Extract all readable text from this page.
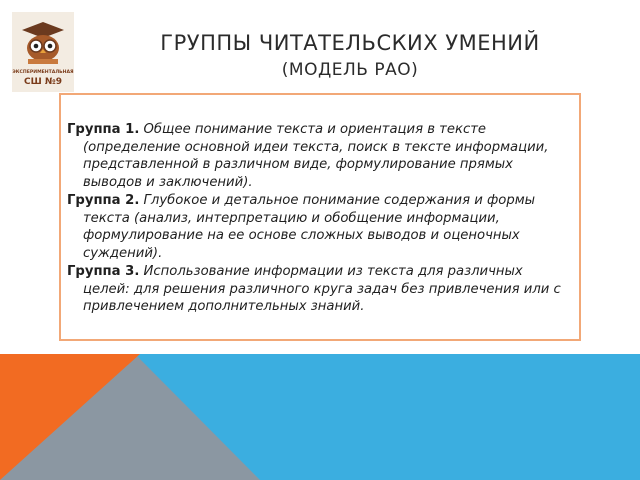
ЭКСПЕРИМЕНТАЛЬНАЯ
СШ №9
ГРУППЫ ЧИТАТЕЛЬСКИХ УМЕНИЙ
(МОДЕЛЬ РАО)

Группа 1. Общее понимание текста и ориентация в тексте (определение основной идеи текста, поиск в тексте информации, представленной в различном виде, формулирование прямых выводов и заключений).

Группа 2. Глубокое и детальное понимание содержания и формы текста (анализ, интерпретацию и обобщение информации, формулирование на ее основе сложных выводов и оценочных суждений).

Группа 3. Использование информации из текста для различных целей: для решения различного круга задач без привлечения или с привлечением дополнительных знаний.
